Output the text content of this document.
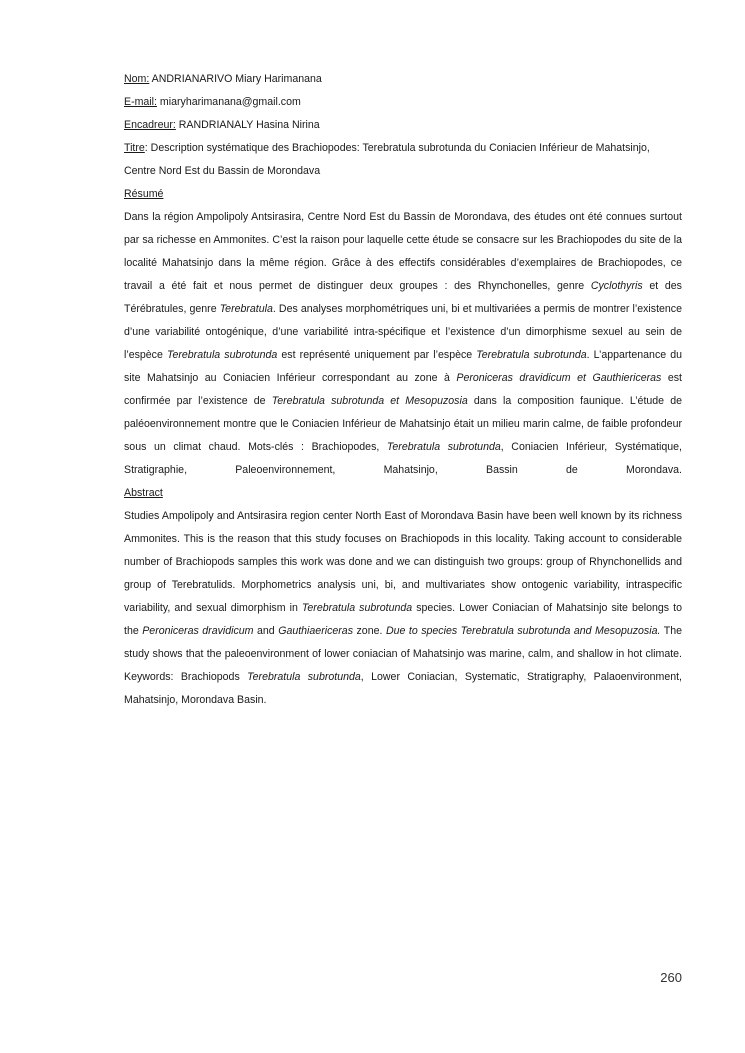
Nom: ANDRIANARIVO Miary Harimanana

E-mail: miaryharimanana@gmail.com

Encadreur: RANDRIANALY Hasina Nirina

Titre: Description systématique des Brachiopodes: Terebratula subrotunda du Coniacien Inférieur de Mahatsinjo, Centre Nord Est du Bassin de Morondava

Résumé

Dans la région Ampolipoly Antsirasira, Centre Nord Est du Bassin de Morondava, des études ont été connues surtout par sa richesse en Ammonites. C’est la raison pour laquelle cette étude se consacre sur les Brachiopodes du site de la localité Mahatsinjo dans la même région. Grâce à des effectifs considérables d’exemplaires de Brachiopodes, ce travail a été fait et nous permet de distinguer deux groupes : des Rhynchonelles, genre Cyclothyris et des Térébratules, genre Terebratula. Des analyses morphométriques uni, bi et multivariées a permis de montrer l’existence d’une variabilité ontogénique, d’une variabilité intra-spécifique et l’existence d’un dimorphisme sexuel au sein de l’espèce Terebratula subrotunda est représenté uniquement par l’espèce Terebratula subrotunda. L’appartenance du site Mahatsinjo au Coniacien Inférieur correspondant au zone à Peroniceras dravidicum et Gauthiericeras est confirmée par l’existence de Terebratula subrotunda et Mesopuzosia dans la composition faunique. L’étude de paléoenvironnement montre que le Coniacien Inférieur de Mahatsinjo était un milieu marin calme, de faible profondeur sous un climat chaud. Mots-clés : Brachiopodes, Terebratula subrotunda, Coniacien Inférieur, Systématique, Stratigraphie, Paleoenvironnement, Mahatsinjo, Bassin de Morondava.

Abstract

Studies Ampolipoly and Antsirasira region center North East of Morondava Basin have been well known by its richness Ammonites. This is the reason that this study focuses on Brachiopods in this locality. Taking account to considerable number of Brachiopods samples this work was done and we can distinguish two groups: group of Rhynchonellids and group of Terebratulids. Morphometrics analysis uni, bi, and multivariates show ontogenic variability, intraspecific variability, and sexual dimorphism in Terebratula subrotunda species. Lower Coniacian of Mahatsinjo site belongs to the Peroniceras dravidicum and Gauthiaericeras zone. Due to species Terebratula subrotunda and Mesopuzosia. The study shows that the paleoenvironment of lower coniacian of Mahatsinjo was marine, calm, and shallow in hot climate. Keywords: Brachiopods Terebratula subrotunda, Lower Coniacian, Systematic, Stratigraphy, Palaoenvironment, Mahatsinjo, Morondava Basin.

260
